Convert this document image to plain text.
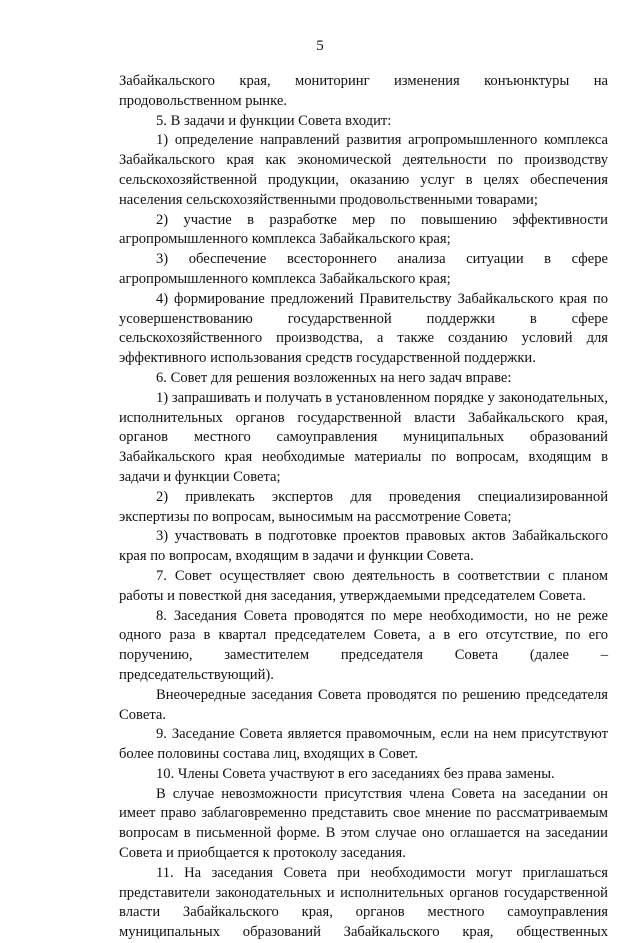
5

Забайкальского края, мониторинг изменения конъюнктуры на продовольственном рынке.

5. В задачи и функции Совета входит:

1) определение направлений развития агропромышленного комплекса Забайкальского края как экономической деятельности по производству сельскохозяйственной продукции, оказанию услуг в целях обеспечения населения сельскохозяйственными продовольственными товарами;

2) участие в разработке мер по повышению эффективности агропромышленного комплекса Забайкальского края;

3) обеспечение всестороннего анализа ситуации в сфере агропромышленного комплекса Забайкальского края;

4) формирование предложений Правительству Забайкальского края по усовершенствованию государственной поддержки в сфере сельскохозяйственного производства, а также созданию условий для эффективного использования средств государственной поддержки.

6. Совет для решения возложенных на него задач вправе:

1) запрашивать и получать в установленном порядке у законодательных, исполнительных органов государственной власти Забайкальского края, органов местного самоуправления муниципальных образований Забайкальского края необходимые материалы по вопросам, входящим в задачи и функции Совета;

2) привлекать экспертов для проведения специализированной экспертизы по вопросам, выносимым на рассмотрение Совета;

3) участвовать в подготовке проектов правовых актов Забайкальского края по вопросам, входящим в задачи и функции Совета.

7. Совет осуществляет свою деятельность в соответствии с планом работы и повесткой дня заседания, утверждаемыми председателем Совета.

8. Заседания Совета проводятся по мере необходимости, но не реже одного раза в квартал председателем Совета, а в его отсутствие, по его поручению, заместителем председателя Совета (далее – председательствующий).

Внеочередные заседания Совета проводятся по решению председателя Совета.

9. Заседание Совета является правомочным, если на нем присутствуют более половины состава лиц, входящих в Совет.

10. Члены Совета участвуют в его заседаниях без права замены.

В случае невозможности присутствия члена Совета на заседании он имеет право заблаговременно представить свое мнение по рассматриваемым вопросам в письменной форме. В этом случае оно оглашается на заседании Совета и приобщается к протоколу заседания.

11. На заседания Совета при необходимости могут приглашаться представители законодательных и исполнительных органов государственной власти Забайкальского края, органов местного самоуправления муниципальных образований Забайкальского края, общественных
